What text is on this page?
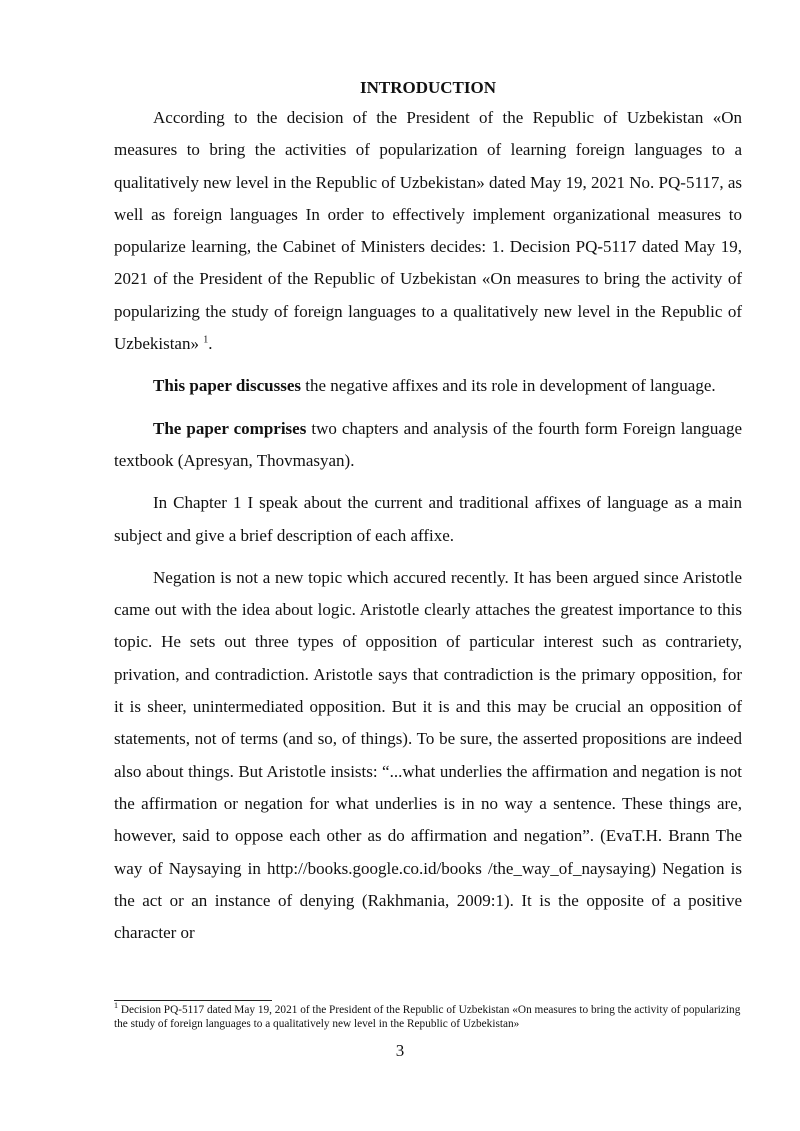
INTRODUCTION

According to the decision of the President of the Republic of Uzbekistan «On measures to bring the activities of popularization of learning foreign languages to a qualitatively new level in the Republic of Uzbekistan» dated May 19, 2021 No. PQ-5117, as well as foreign languages In order to effectively implement organizational measures to popularize learning, the Cabinet of Ministers decides: 1. Decision PQ-5117 dated May 19, 2021 of the President of the Republic of Uzbekistan «On measures to bring the activity of popularizing the study of foreign languages to a qualitatively new level in the Republic of Uzbekistan» $^1$.

This paper discusses the negative affixes and its role in development of language.

The paper comprises two chapters and analysis of the fourth form Foreign language textbook (Apresyan, Thovmasyan).

In Chapter 1 I speak about the current and traditional affixes of language as a main subject and give a brief description of each affixe.

Negation is not a new topic which accured recently. It has been argued since Aristotle came out with the idea about logic. Aristotle clearly attaches the greatest importance to this topic. He sets out three types of opposition of particular interest such as contrariety, privation, and contradiction. Aristotle says that contradiction is the primary opposition, for it is sheer, unintermediated opposition. But it is and this may be crucial an opposition of statements, not of terms (and so, of things). To be sure, the asserted propositions are indeed also about things. But Aristotle insists: “...what underlies the affirmation and negation is not the affirmation or negation for what underlies is in no way a sentence. These things are, however, said to oppose each other as do affirmation and negation”. (EvaT.H. Brann The way of Naysaying in http://books.google.co.id/books /the_way_of_naysaying) Negation is the act or an instance of denying (Rakhmania, 2009:1). It is the opposite of a positive character or

$^1$ Decision PQ-5117 dated May 19, 2021 of the President of the Republic of Uzbekistan «On measures to bring the activity of popularizing the study of foreign languages to a qualitatively new level in the Republic of Uzbekistan»

3
